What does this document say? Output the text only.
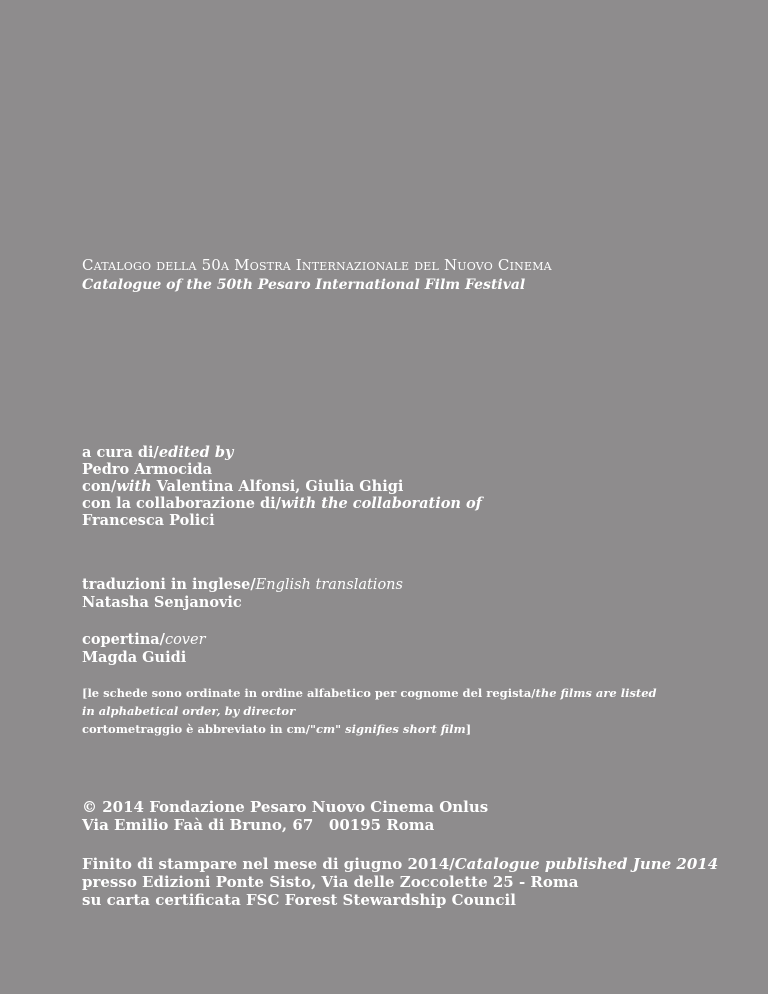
Catalogo della 50a Mostra Internazionale del Nuovo Cinema
Catalogue of the 50th Pesaro International Film Festival
a cura di/edited by
Pedro Armocida
con/with Valentina Alfonsi, Giulia Ghigi
con la collaborazione di/with the collaboration of
Francesca Polici
traduzioni in inglese/English translations
Natasha Senjanovic
copertina/cover
Magda Guidi
[le schede sono ordinate in ordine alfabetico per cognome del regista/the films are listed
in alphabetical order, by director
cortometraggio è abbreviato in cm/"cm" signifies short film]
© 2014 Fondazione Pesaro Nuovo Cinema Onlus
Via Emilio Faà di Bruno, 67   00195 Roma
Finito di stampare nel mese di giugno 2014/Catalogue published June 2014
presso Edizioni Ponte Sisto, Via delle Zoccolette 25 - Roma
su carta certificata FSC Forest Stewardship Council
